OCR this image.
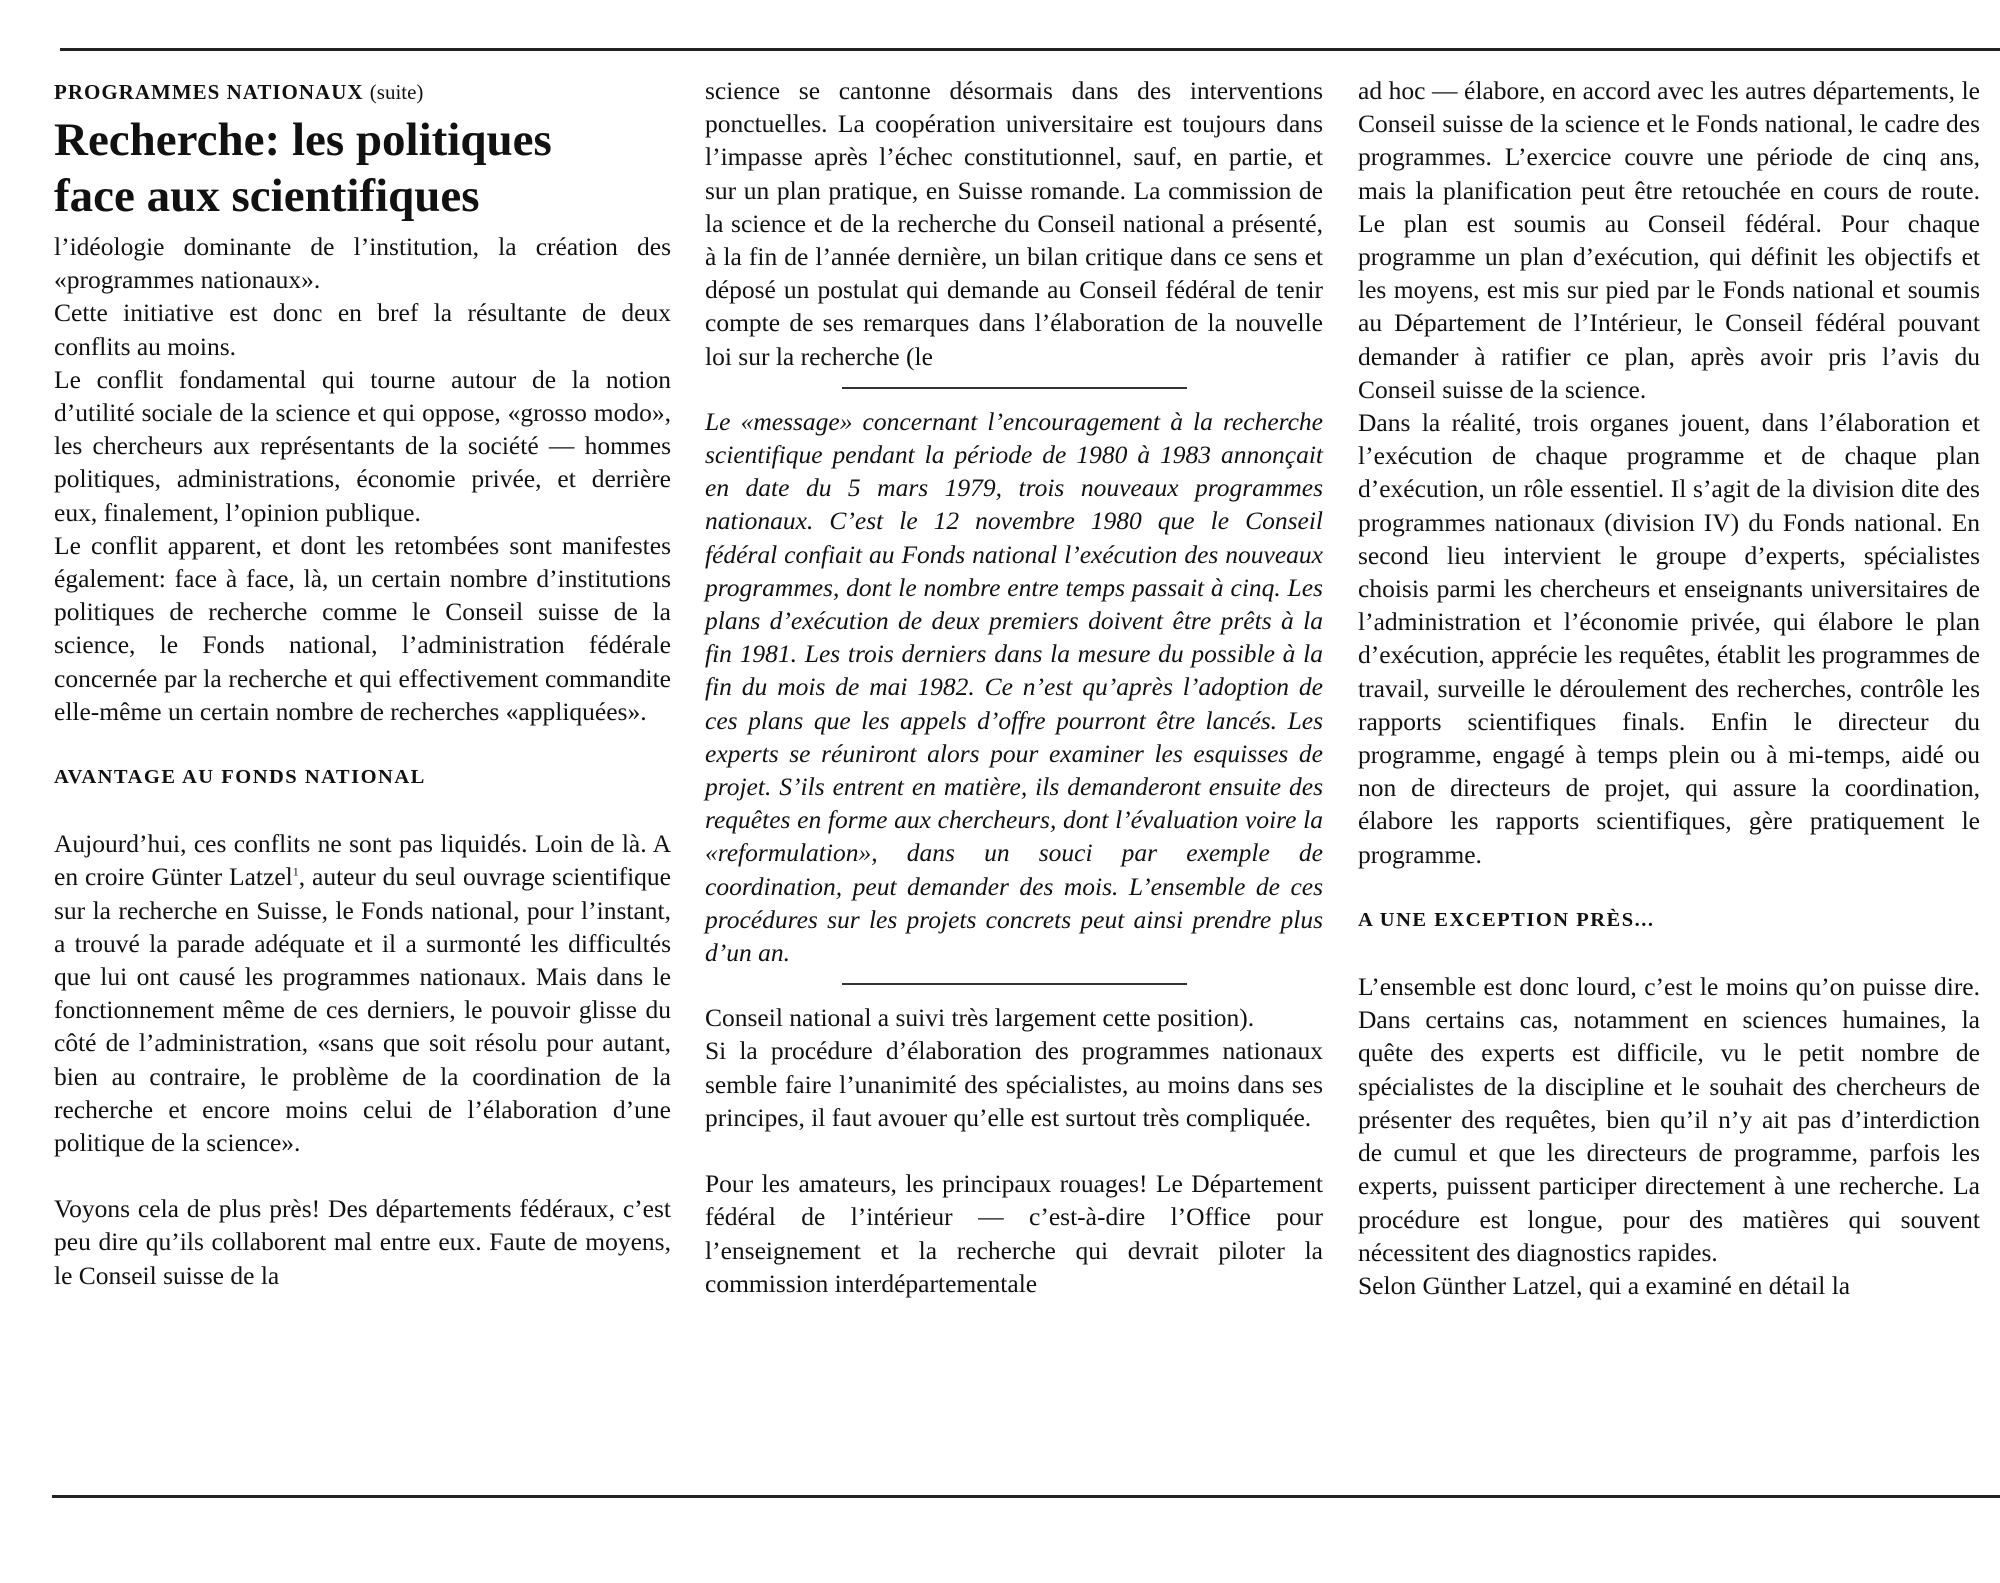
PROGRAMMES NATIONAUX (suite)
Recherche: les politiques
face aux scientifiques

l’idéologie dominante de l’institution, la création des «programmes nationaux».

Cette initiative est donc en bref la résultante de deux conflits au moins.

Le conflit fondamental qui tourne autour de la notion d’utilité sociale de la science et qui oppose, «grosso modo», les chercheurs aux représentants de la société — hommes politiques, administrations, économie privée, et derrière eux, finalement, l’opinion publique.

Le conflit apparent, et dont les retombées sont manifestes également: face à face, là, un certain nombre d’institutions politiques de recherche comme le Conseil suisse de la science, le Fonds national, l’administration fédérale concernée par la recherche et qui effectivement commandite elle-même un certain nombre de recherches «appliquées».

AVANTAGE AU FONDS NATIONAL

Aujourd’hui, ces conflits ne sont pas liquidés. Loin de là. A en croire Günter Latzel$^1$, auteur du seul ouvrage scientifique sur la recherche en Suisse, le Fonds national, pour l’instant, a trouvé la parade adéquate et il a surmonté les difficultés que lui ont causé les programmes nationaux. Mais dans le fonctionnement même de ces derniers, le pouvoir glisse du côté de l’administration, «sans que soit résolu pour autant, bien au contraire, le problème de la coordination de la recherche et encore moins celui de l’élaboration d’une politique de la science».

Voyons cela de plus près! Des départements fédéraux, c’est peu dire qu’ils collaborent mal entre eux. Faute de moyens, le Conseil suisse de la

science se cantonne désormais dans des interventions ponctuelles. La coopération universitaire est toujours dans l’impasse après l’échec constitutionnel, sauf, en partie, et sur un plan pratique, en Suisse romande. La commission de la science et de la recherche du Conseil national a présenté, à la fin de l’année dernière, un bilan critique dans ce sens et déposé un postulat qui demande au Conseil fédéral de tenir compte de ses remarques dans l’élaboration de la nouvelle loi sur la recherche (le

Le «message» concernant l’encouragement à la recherche scientifique pendant la période de 1980 à 1983 annonçait en date du 5 mars 1979, trois nouveaux programmes nationaux. C’est le 12 novembre 1980 que le Conseil fédéral confiait au Fonds national l’exécution des nouveaux programmes, dont le nombre entre temps passait à cinq. Les plans d’exécution de deux premiers doivent être prêts à la fin 1981. Les trois derniers dans la mesure du possible à la fin du mois de mai 1982. Ce n’est qu’après l’adoption de ces plans que les appels d’offre pourront être lancés. Les experts se réuniront alors pour examiner les esquisses de projet. S’ils entrent en matière, ils demanderont ensuite des requêtes en forme aux chercheurs, dont l’évaluation voire la «reformulation», dans un souci par exemple de coordination, peut demander des mois. L’ensemble de ces procédures sur les projets concrets peut ainsi prendre plus d’un an.

Conseil national a suivi très largement cette position).

Si la procédure d’élaboration des programmes nationaux semble faire l’unanimité des spécialistes, au moins dans ses principes, il faut avouer qu’elle est surtout très compliquée.

Pour les amateurs, les principaux rouages! Le Département fédéral de l’intérieur — c’est-à-dire l’Office pour l’enseignement et la recherche qui devrait piloter la commission interdépartementale

ad hoc — élabore, en accord avec les autres départements, le Conseil suisse de la science et le Fonds national, le cadre des programmes. L’exercice couvre une période de cinq ans, mais la planification peut être retouchée en cours de route. Le plan est soumis au Conseil fédéral. Pour chaque programme un plan d’exécution, qui définit les objectifs et les moyens, est mis sur pied par le Fonds national et soumis au Département de l’Intérieur, le Conseil fédéral pouvant demander à ratifier ce plan, après avoir pris l’avis du Conseil suisse de la science.

Dans la réalité, trois organes jouent, dans l’élaboration et l’exécution de chaque programme et de chaque plan d’exécution, un rôle essentiel. Il s’agit de la division dite des programmes nationaux (division IV) du Fonds national. En second lieu intervient le groupe d’experts, spécialistes choisis parmi les chercheurs et enseignants universitaires de l’administration et l’économie privée, qui élabore le plan d’exécution, apprécie les requêtes, établit les programmes de travail, surveille le déroulement des recherches, contrôle les rapports scientifiques finals. Enfin le directeur du programme, engagé à temps plein ou à mi-temps, aidé ou non de directeurs de projet, qui assure la coordination, élabore les rapports scientifiques, gère pratiquement le programme.

A UNE EXCEPTION PRÈS...

L’ensemble est donc lourd, c’est le moins qu’on puisse dire. Dans certains cas, notamment en sciences humaines, la quête des experts est difficile, vu le petit nombre de spécialistes de la discipline et le souhait des chercheurs de présenter des requêtes, bien qu’il n’y ait pas d’interdiction de cumul et que les directeurs de programme, parfois les experts, puissent participer directement à une recherche. La procédure est longue, pour des matières qui souvent nécessitent des diagnostics rapides.

Selon Günther Latzel, qui a examiné en détail la
